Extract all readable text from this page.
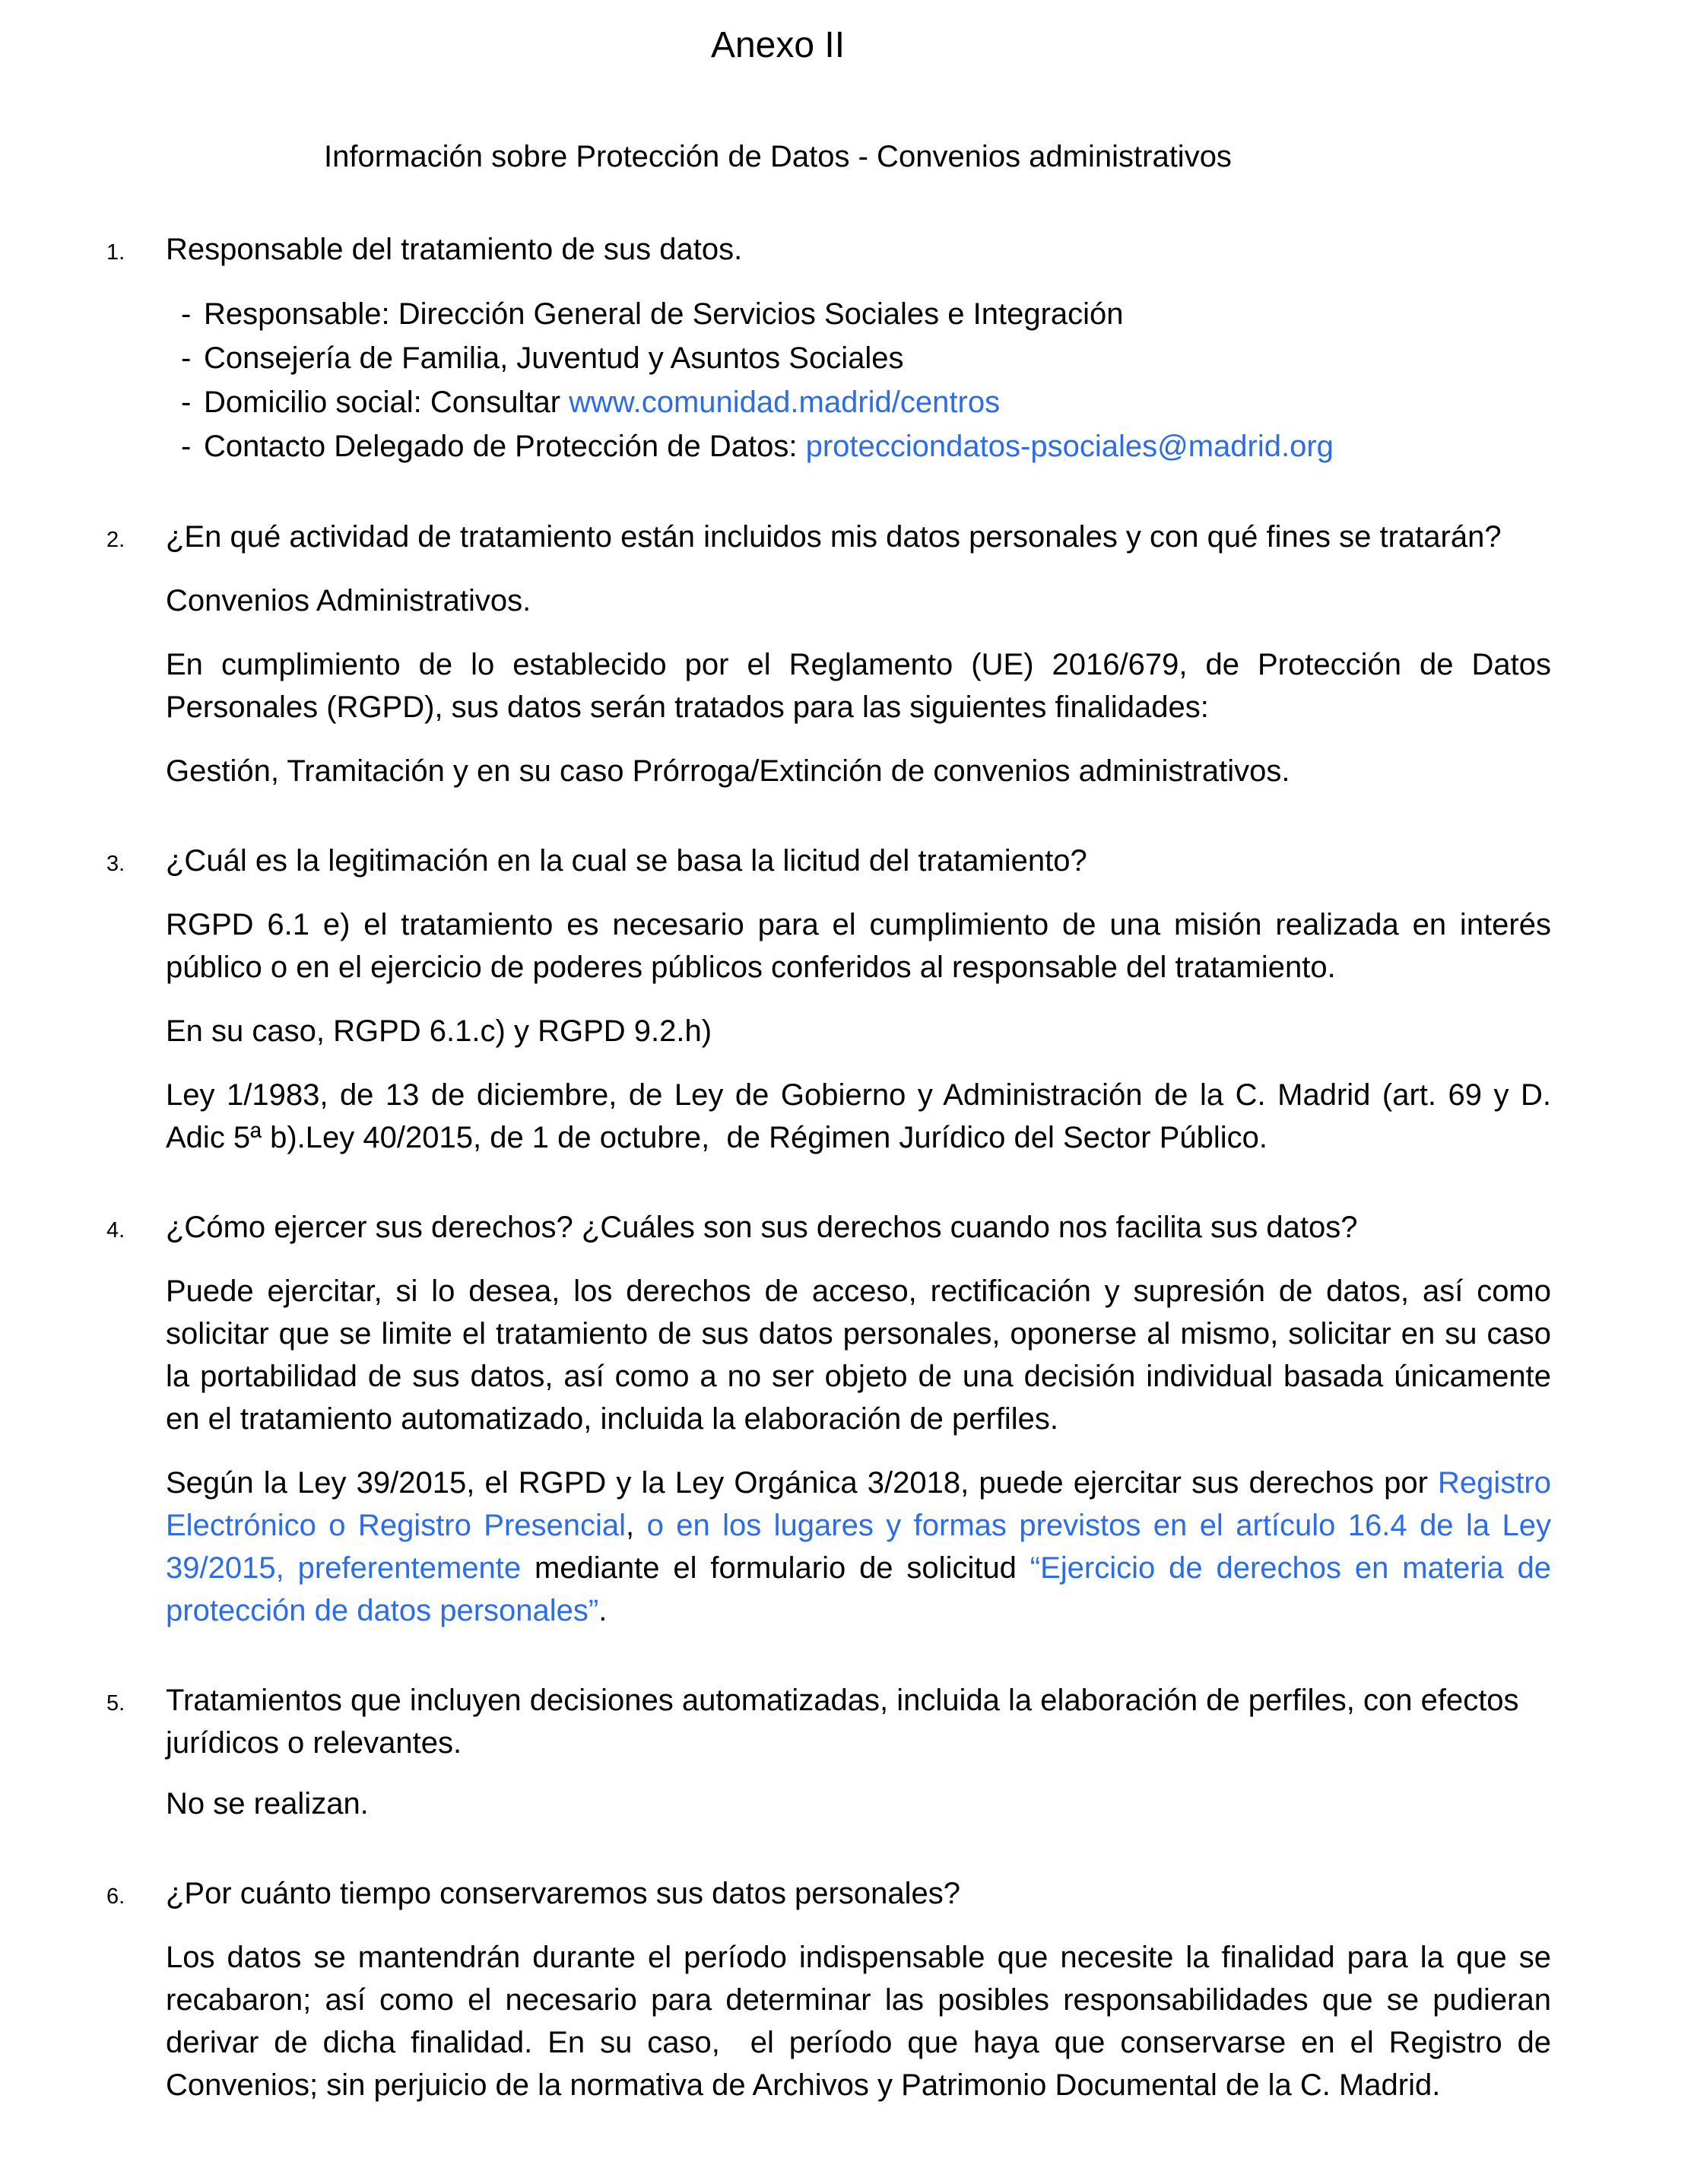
Anexo II
Información sobre Protección de Datos - Convenios administrativos
1.	Responsable del tratamiento de sus datos.
- Responsable: Dirección General de Servicios Sociales e Integración
- Consejería de Familia, Juventud y Asuntos Sociales
- Domicilio social: Consultar www.comunidad.madrid/centros
- Contacto Delegado de Protección de Datos: protecciondatos-psociales@madrid.org
2.	¿En qué actividad de tratamiento están incluidos mis datos personales y con qué fines se tratarán?
Convenios Administrativos.
En cumplimiento de lo establecido por el Reglamento (UE) 2016/679, de Protección de Datos Personales (RGPD), sus datos serán tratados para las siguientes finalidades:
Gestión, Tramitación y en su caso Prórroga/Extinción de convenios administrativos.
3.	¿Cuál es la legitimación en la cual se basa la licitud del tratamiento?
RGPD 6.1 e) el tratamiento es necesario para el cumplimiento de una misión realizada en interés público o en el ejercicio de poderes públicos conferidos al responsable del tratamiento.
En su caso, RGPD 6.1.c) y RGPD 9.2.h)
Ley 1/1983, de 13 de diciembre, de Ley de Gobierno y Administración de la C. Madrid (art. 69 y D. Adic 5ª b).Ley 40/2015, de 1 de octubre,  de Régimen Jurídico del Sector Público.
4.	¿Cómo ejercer sus derechos? ¿Cuáles son sus derechos cuando nos facilita sus datos?
Puede ejercitar, si lo desea, los derechos de acceso, rectificación y supresión de datos, así como solicitar que se limite el tratamiento de sus datos personales, oponerse al mismo, solicitar en su caso la portabilidad de sus datos, así como a no ser objeto de una decisión individual basada únicamente en el tratamiento automatizado, incluida la elaboración de perfiles.
Según la Ley 39/2015, el RGPD y la Ley Orgánica 3/2018, puede ejercitar sus derechos por Registro Electrónico o Registro Presencial, o en los lugares y formas previstos en el artículo 16.4 de la Ley 39/2015, preferentemente mediante el formulario de solicitud “Ejercicio de derechos en materia de protección de datos personales”.
5.	Tratamientos que incluyen decisiones automatizadas, incluida la elaboración de perfiles, con efectos jurídicos o relevantes.
No se realizan.
6.	¿Por cuánto tiempo conservaremos sus datos personales?
Los datos se mantendrán durante el período indispensable que necesite la finalidad para la que se recabaron; así como el necesario para determinar las posibles responsabilidades que se pudieran derivar de dicha finalidad. En su caso,  el período que haya que conservarse en el Registro de Convenios; sin perjuicio de la normativa de Archivos y Patrimonio Documental de la C. Madrid.
